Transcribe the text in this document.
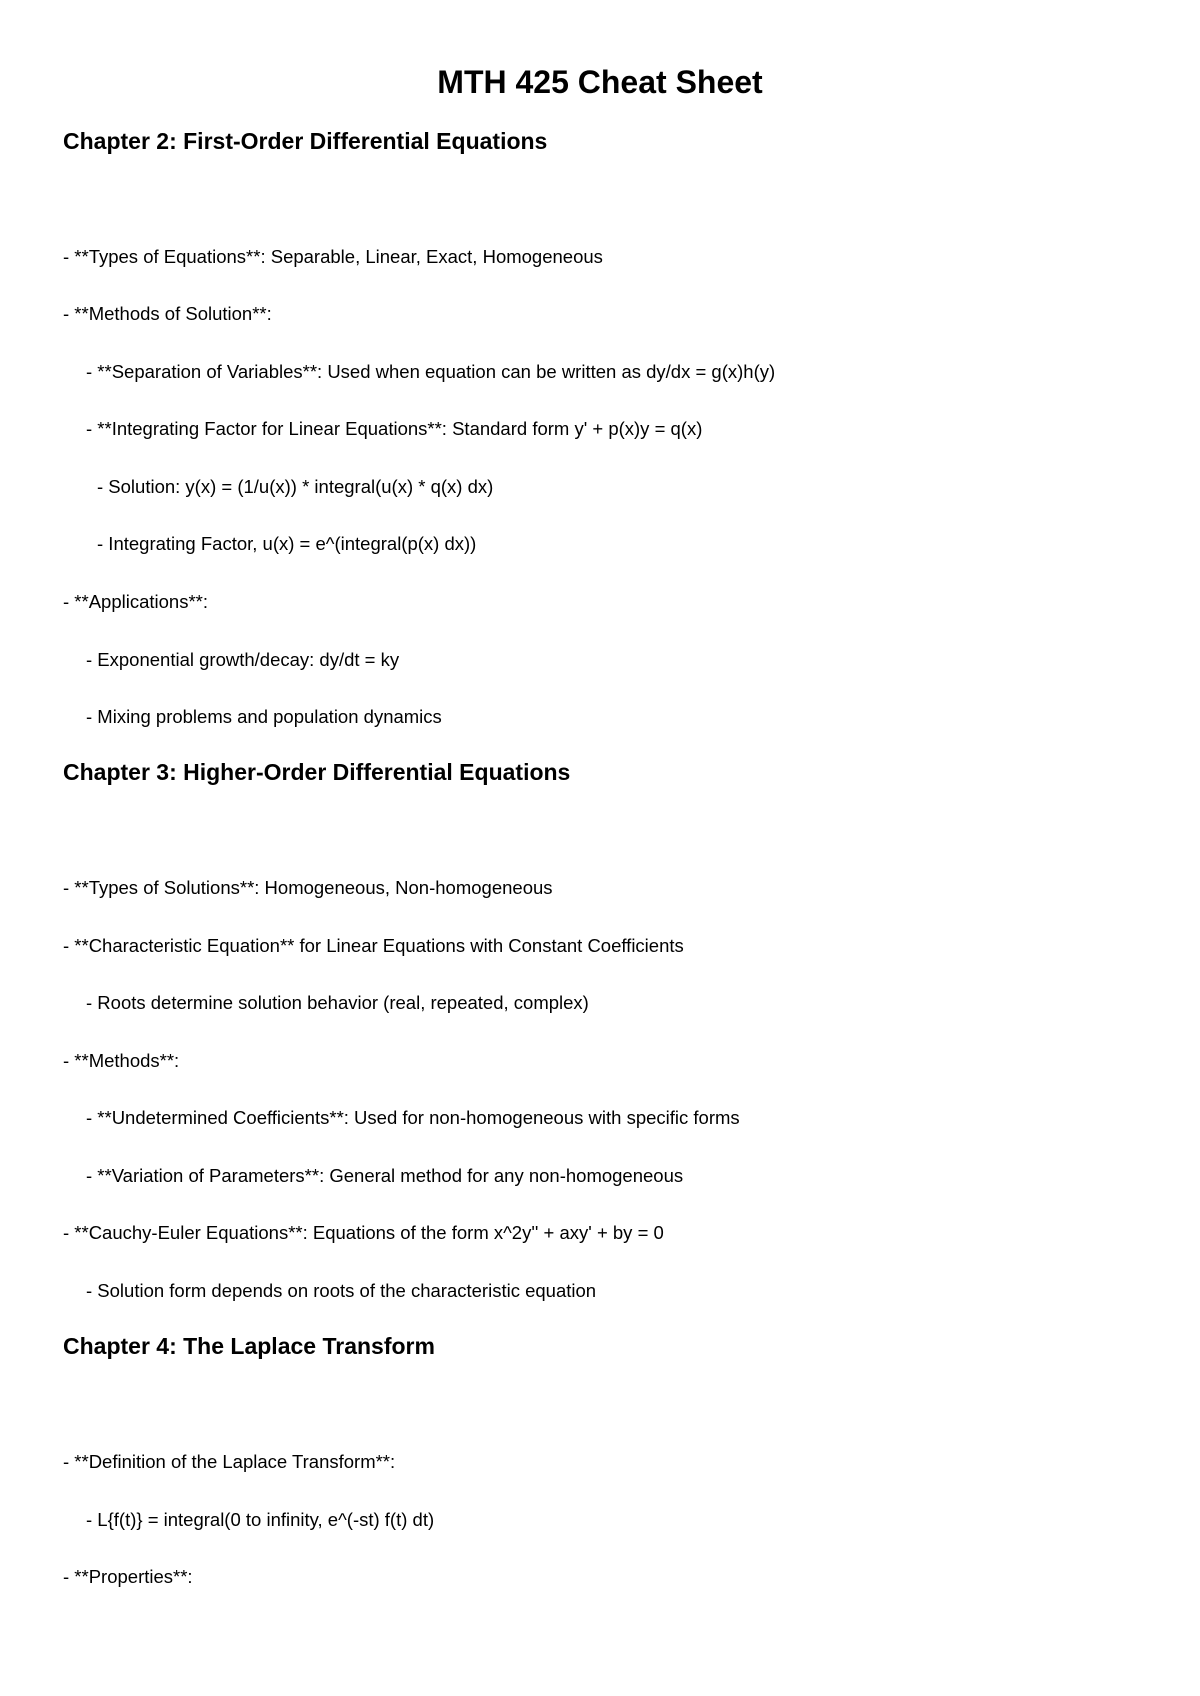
MTH 425 Cheat Sheet
Chapter 2: First-Order Differential Equations
- **Types of Equations**: Separable, Linear, Exact, Homogeneous
- **Methods of Solution**:
- **Separation of Variables**: Used when equation can be written as dy/dx = g(x)h(y)
- **Integrating Factor for Linear Equations**: Standard form y' + p(x)y = q(x)
- Solution: y(x) = (1/u(x)) * integral(u(x) * q(x) dx)
- Integrating Factor, u(x) = e^(integral(p(x) dx))
- **Applications**:
- Exponential growth/decay: dy/dt = ky
- Mixing problems and population dynamics
Chapter 3: Higher-Order Differential Equations
- **Types of Solutions**: Homogeneous, Non-homogeneous
- **Characteristic Equation** for Linear Equations with Constant Coefficients
- Roots determine solution behavior (real, repeated, complex)
- **Methods**:
- **Undetermined Coefficients**: Used for non-homogeneous with specific forms
- **Variation of Parameters**: General method for any non-homogeneous
- **Cauchy-Euler Equations**: Equations of the form x^2y'' + axy' + by = 0
- Solution form depends on roots of the characteristic equation
Chapter 4: The Laplace Transform
- **Definition of the Laplace Transform**:
- L{f(t)} = integral(0 to infinity, e^(-st) f(t) dt)
- **Properties**:
